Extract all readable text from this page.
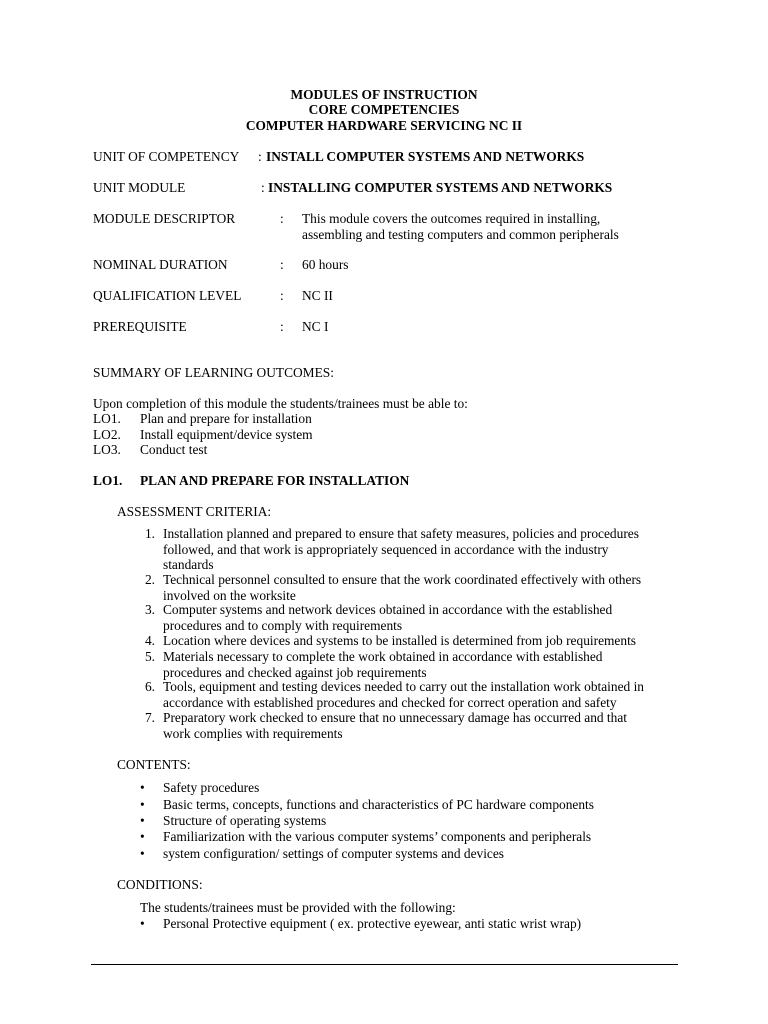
MODULES OF INSTRUCTION
CORE COMPETENCIES
COMPUTER HARDWARE SERVICING NC II
UNIT OF COMPETENCY : INSTALL COMPUTER SYSTEMS AND NETWORKS
UNIT MODULE	: INSTALLING COMPUTER SYSTEMS AND NETWORKS
MODULE DESCRIPTOR	: This module covers the outcomes required in installing,
assembling and testing computers and common peripherals
NOMINAL DURATION	: 60 hours
QUALIFICATION LEVEL	: NC II
PREREQUISITE	: NC I
SUMMARY OF LEARNING OUTCOMES:
Upon completion of this module the students/trainees must be able to:
LO1. Plan and prepare for installation
LO2. Install equipment/device system
LO3. Conduct test
LO1. PLAN AND PREPARE FOR INSTALLATION
ASSESSMENT CRITERIA:
1. Installation planned and prepared to ensure that safety measures, policies and procedures
followed, and that work is appropriately sequenced in accordance with the industry
standards
2. Technical personnel consulted to ensure that the work coordinated effectively with others
involved on the worksite
3. Computer systems and network devices obtained in accordance with the established
procedures and to comply with requirements
4. Location where devices and systems to be installed is determined from job requirements
5. Materials necessary to complete the work obtained in accordance with established
procedures and checked against job requirements
6. Tools, equipment and testing devices needed to carry out the installation work obtained in
accordance with established procedures and checked for correct operation and safety
7. Preparatory work checked to ensure that no unnecessary damage has occurred and that
work complies with requirements
CONTENTS:
• Safety procedures
• Basic terms, concepts, functions and characteristics of PC hardware components
• Structure of operating systems
• Familiarization with the various computer systems’ components and peripherals
• system configuration/ settings of computer systems and devices
CONDITIONS:
The students/trainees must be provided with the following:
• Personal Protective equipment ( ex. protective eyewear, anti static wrist wrap)
